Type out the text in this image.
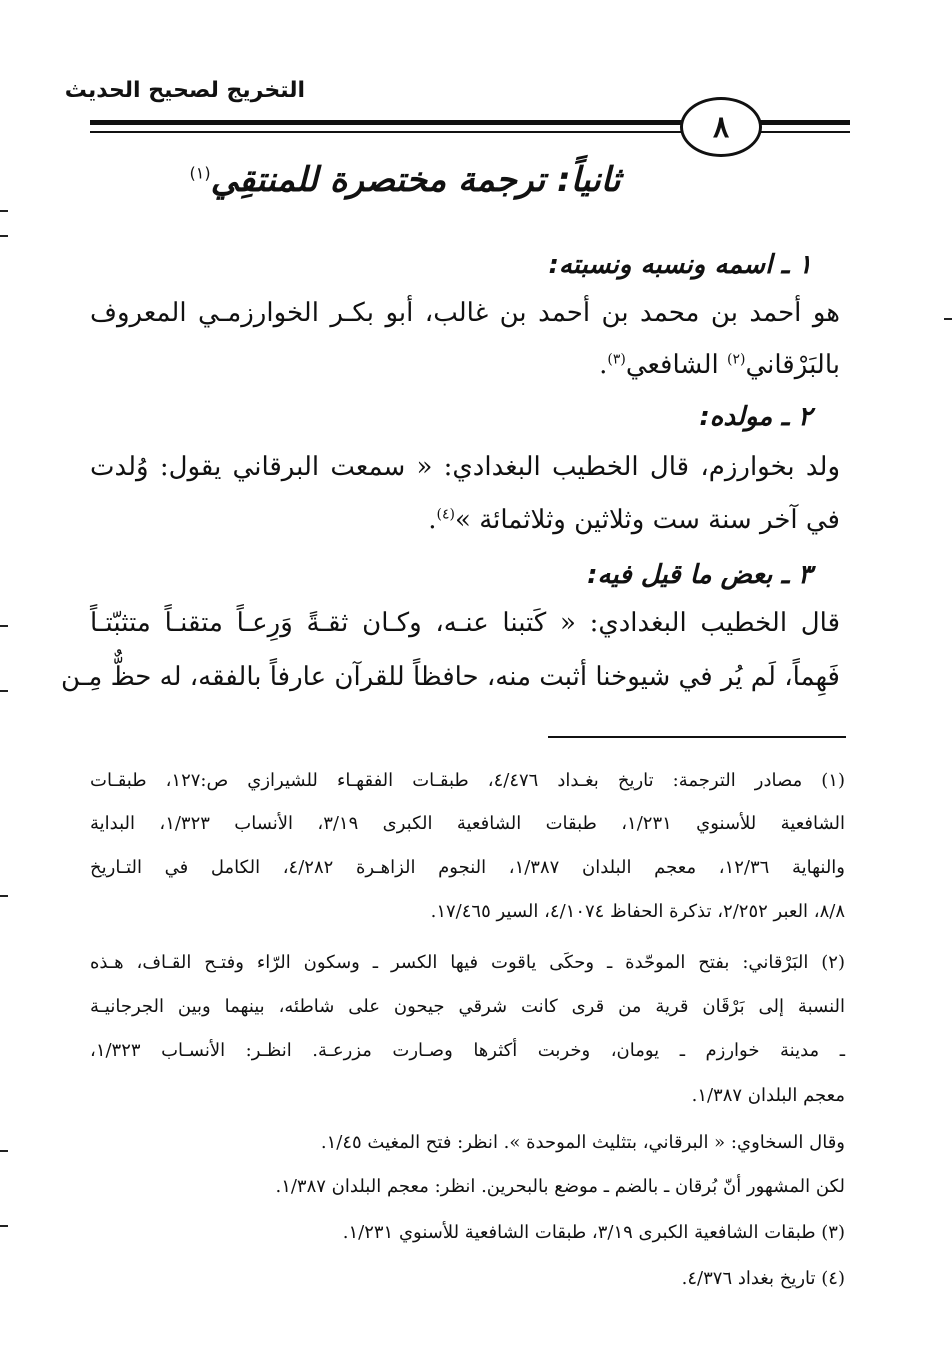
التخريج لصحيح الحديث
٨
ثانياً: ترجمة مختصرة للمنتقِي$^{(١)}$
١ ـ اسمه ونسبه ونسبته:
هو أحمد بن محمد بن أحمد بن غالب، أبو بكـر الخوارزمـي المعروف
بالبَرْقاني$^{(٢)}$ الشافعي$^{(٣)}$.
٢ ـ مولده:
ولد بخوارزم، قال الخطيب البغدادي: « سمعت البرقاني يقول: وُلدت
في آخر سنة ست وثلاثين وثلاثمائة »$^{(٤)}$.
٣ ـ بعض ما قيل فيه:
قال الخطيب البغدادي: « كَتبنا عنـه، وكـان ثقـةً وَرِعـاً متقنـاً متثبّتـاً
فَهِماً، لَم يُر في شيوخنا أثبت منه، حافظاً للقرآن عارفاً بالفقه، له حظٌّ مِـن
(١) مصادر الترجمة: تاريخ بغـداد ٤/٤٧٦، طبقـات الفقهـاء للشيرازي ص:١٢٧، طبقـات
الشافعية للأسنوي ١/٢٣١، طبقات الشافعية الكبرى ٣/١٩، الأنساب ١/٣٢٣، البداية
والنهاية ١٢/٣٦، معجم البلدان ١/٣٨٧، النجوم الزاهـرة ٤/٢٨٢، الكامل في التـاريخ
٨/٨، العبر ٢/٢٥٢، تذكرة الحفاظ ٤/١٠٧٤، السير ١٧/٤٦٥.
(٢) البَرْقاني: بفتح الموحّدة ـ وحكَى ياقوت فيها الكسر ـ وسكون الرّاء وفتـح القـاف، هـذه
النسبة إلى بَرْقَان قرية من قرى كانت شرقي جيحون على شاطئه، بينهما وبين الجرجانيـة
ـ مدينة خوارزم ـ يومان، وخربت أكثرها وصـارت مزرعـة. انظـر: الأنسـاب ١/٣٢٣،
معجم البلدان ١/٣٨٧.
وقال السخاوي: « البرقاني، بتثليث الموحدة ». انظر: فتح المغيث ١/٤٥.
لكن المشهور أنّ بُرقان ـ بالضم ـ موضع بالبحرين. انظر: معجم البلدان ١/٣٨٧.
(٣) طبقات الشافعية الكبرى ٣/١٩، طبقات الشافعية للأسنوي ١/٢٣١.
(٤) تاريخ بغداد ٤/٣٧٦.
